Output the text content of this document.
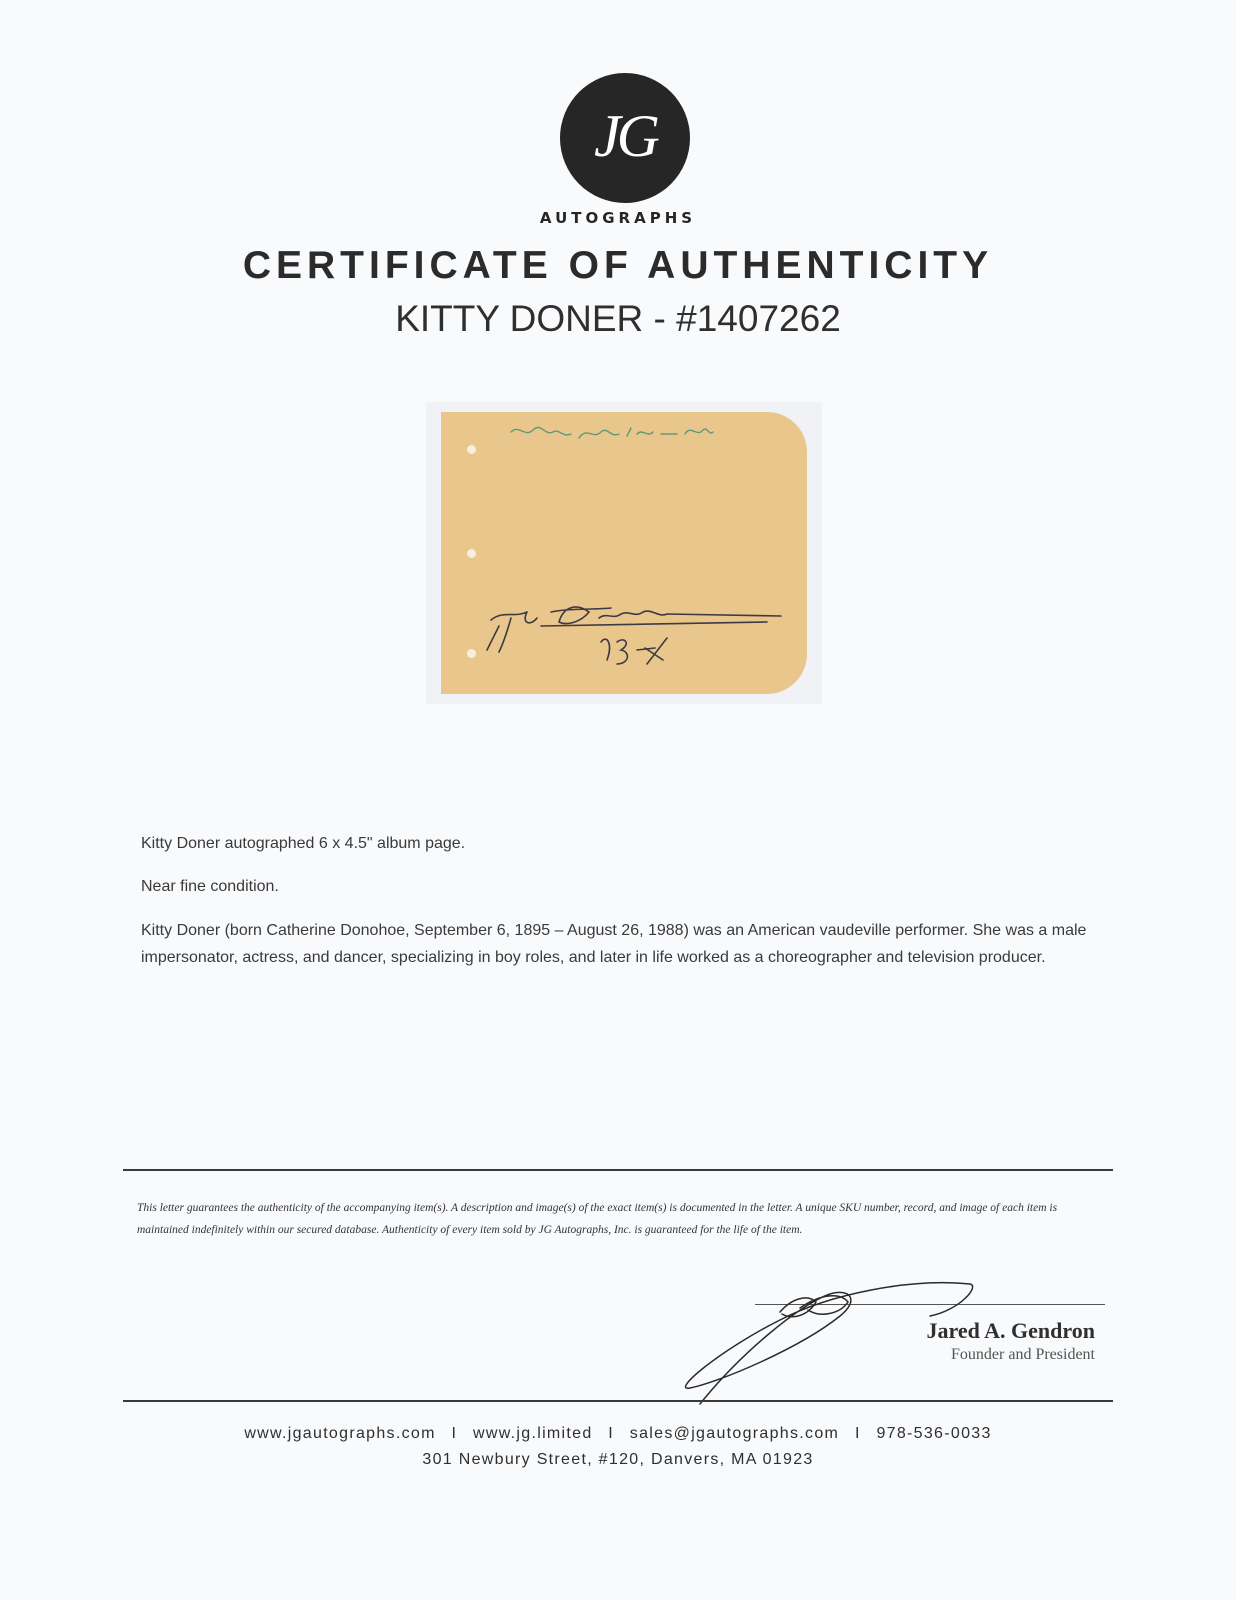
JG
AUTOGRAPHS
CERTIFICATE OF AUTHENTICITY
KITTY DONER - #1407262

Kitty Doner autographed 6 x 4.5" album page.

Near fine condition.

Kitty Doner (born Catherine Donohoe, September 6, 1895 – August 26, 1988) was an American vaudeville performer. She was a male impersonator, actress, and dancer, specializing in boy roles, and later in life worked as a choreographer and television producer.

This letter guarantees the authenticity of the accompanying item(s). A description and image(s) of the exact item(s) is documented in the letter. A unique SKU number, record, and image of each item is maintained indefinitely within our secured database. Authenticity of every item sold by JG Autographs, Inc. is guaranteed for the life of the item.
Jared A. Gendron
Founder and President
www.jgautographs.com I www.jg.limited I sales@jgautographs.com I 978-536-0033
301 Newbury Street, #120, Danvers, MA 01923
